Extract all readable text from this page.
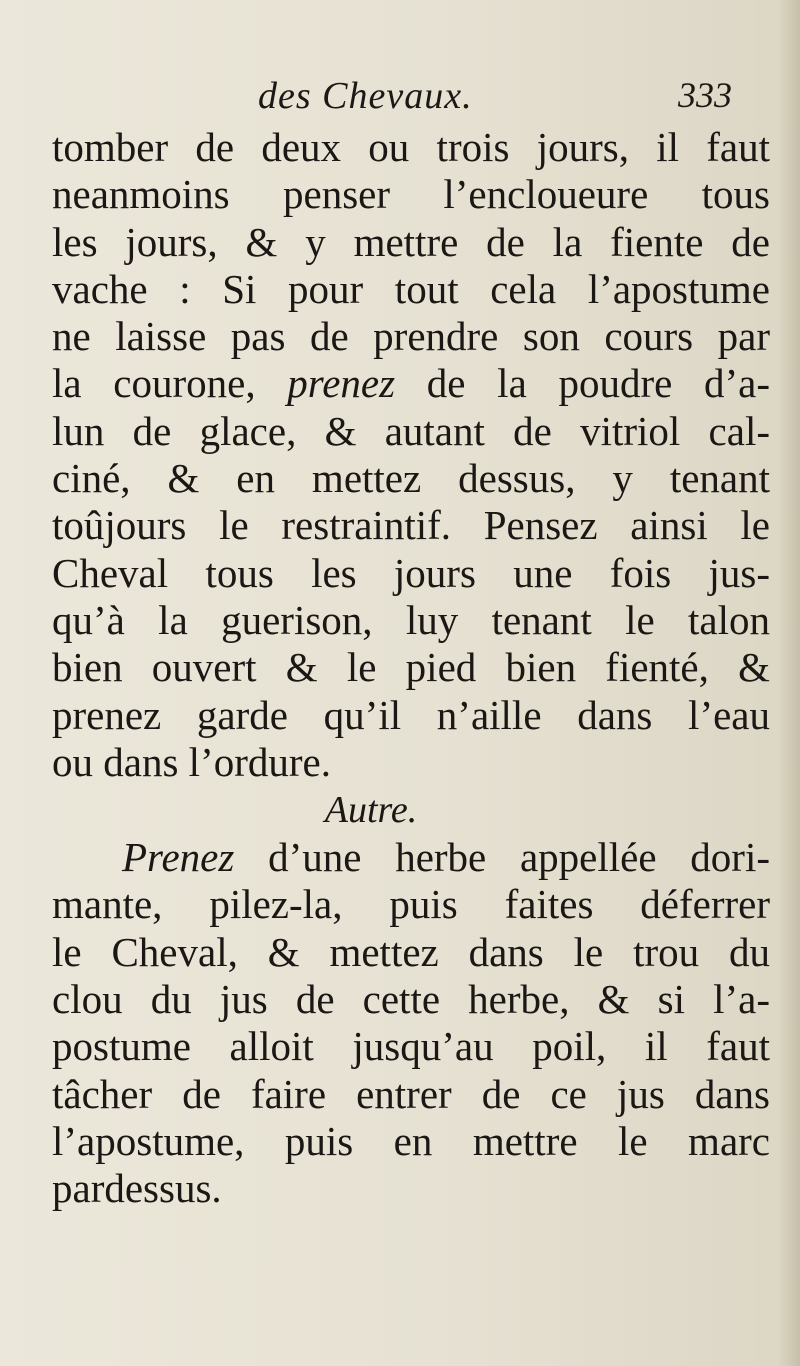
des Chevaux.	333
tomber de deux ou trois jours, il faut
neanmoins penser l’encloueure tous
les jours, & y mettre de la fiente de
vache : Si pour tout cela l’apostume
ne laisse pas de prendre son cours par
la courone, prenez de la poudre d’a-
lun de glace, & autant de vitriol cal-
ciné, & en mettez dessus, y tenant
toûjours le restraintif. Pensez ainsi le
Cheval tous les jours une fois jus-
qu’à la guerison, luy tenant le talon
bien ouvert & le pied bien fienté, &
prenez garde qu’il n’aille dans l’eau
ou dans l’ordure.
Autre.
Prenez d’une herbe appellée dori-
mante, pilez-la, puis faites déferrer
le Cheval, & mettez dans le trou du
clou du jus de cette herbe, & si l’a-
postume alloit jusqu’au poil, il faut
tâcher de faire entrer de ce jus dans
l’apostume, puis en mettre le marc
pardessus.
